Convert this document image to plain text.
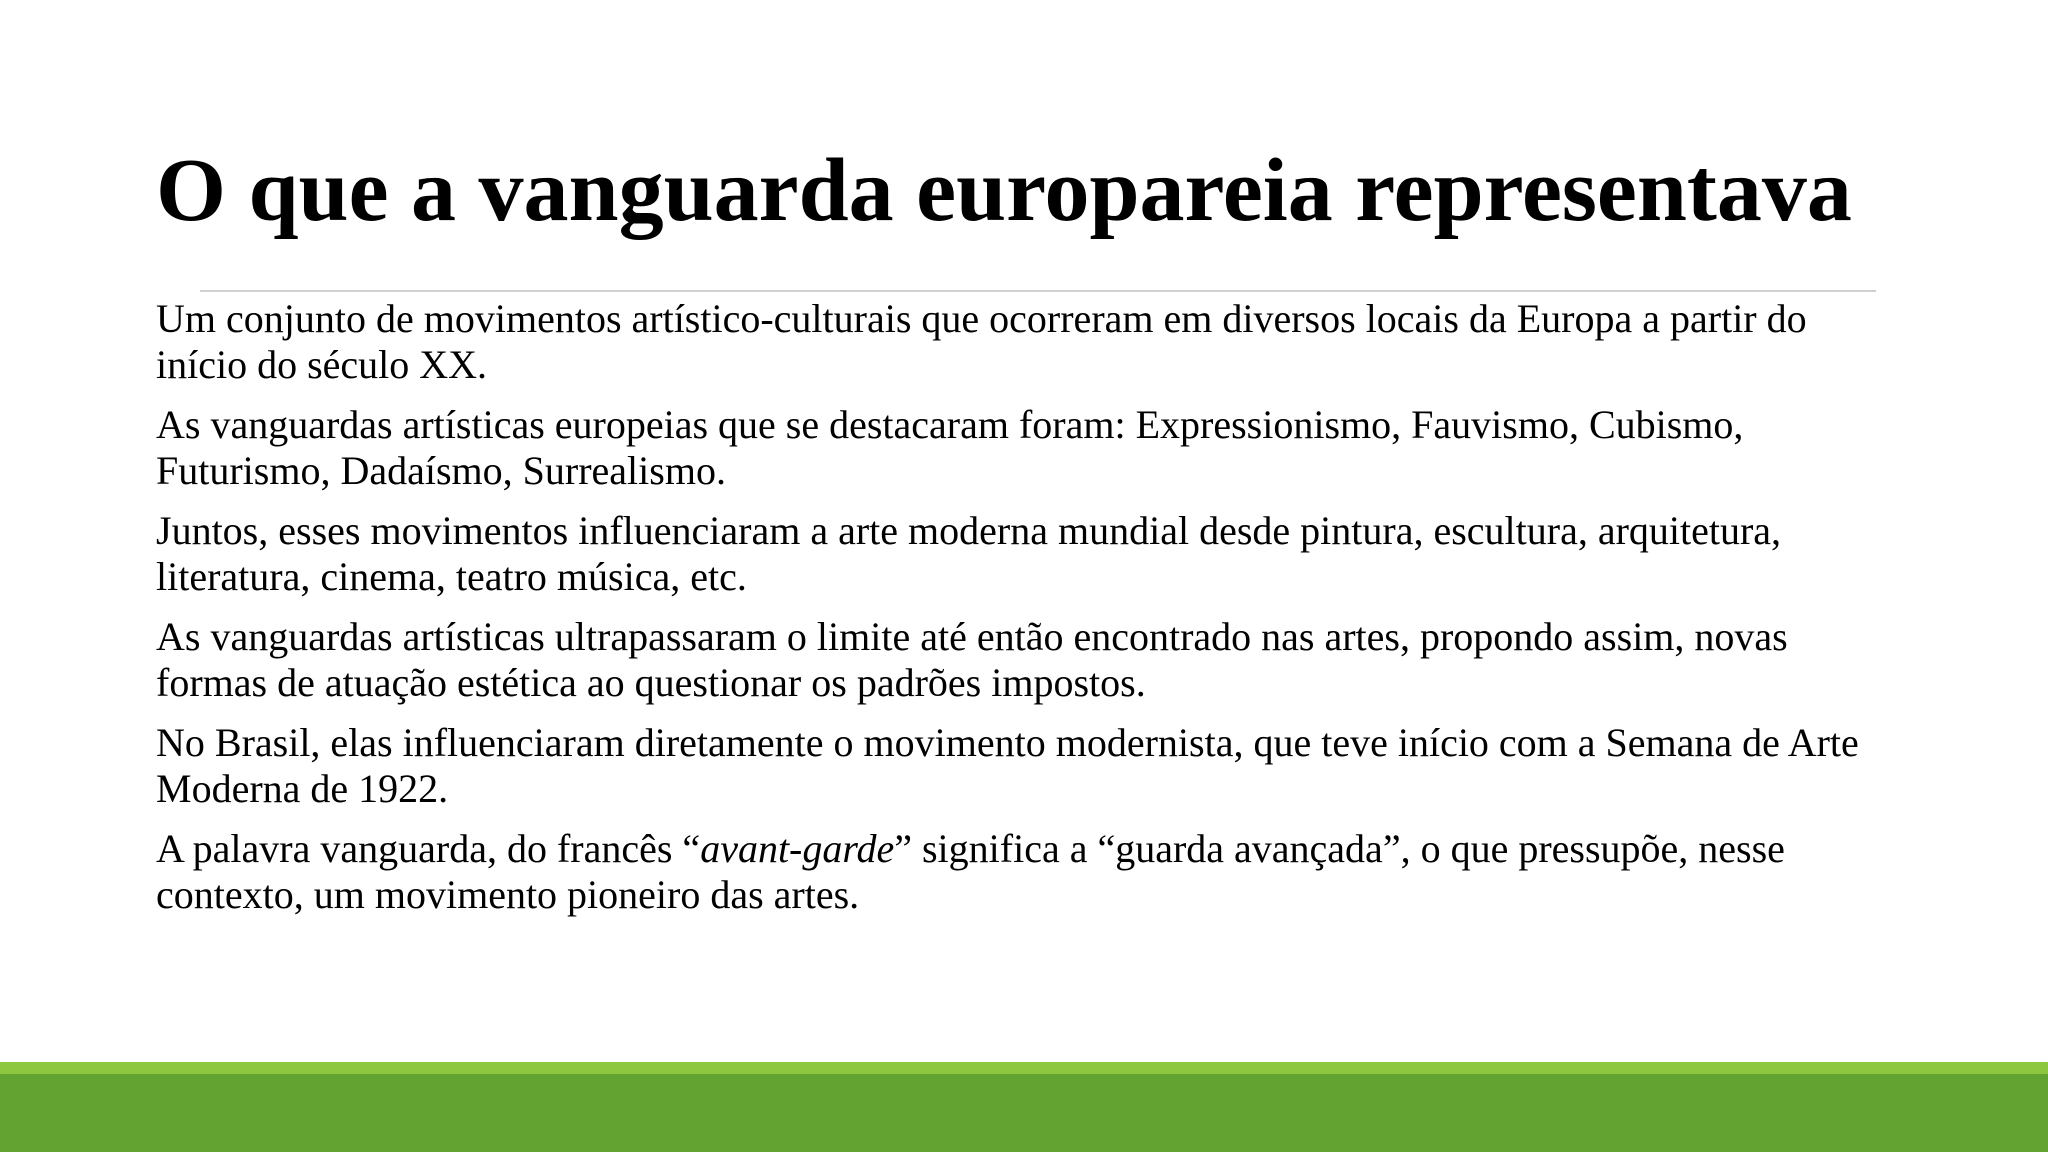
O que a vanguarda europareia representava

Um conjunto de movimentos artístico-culturais que ocorreram em diversos locais da Europa a partir do início do século XX.

As vanguardas artísticas europeias que se destacaram foram: Expressionismo, Fauvismo, Cubismo, Futurismo, Dadaísmo, Surrealismo.

Juntos, esses movimentos influenciaram a arte moderna mundial desde pintura, escultura, arquitetura, literatura, cinema, teatro música, etc.

As vanguardas artísticas ultrapassaram o limite até então encontrado nas artes, propondo assim, novas formas de atuação estética ao questionar os padrões impostos.

No Brasil, elas influenciaram diretamente o movimento modernista, que teve início com a Semana de Arte Moderna de 1922.

A palavra vanguarda, do francês “avant-garde” significa a “guarda avançada”, o que pressupõe, nesse contexto, um movimento pioneiro das artes.
